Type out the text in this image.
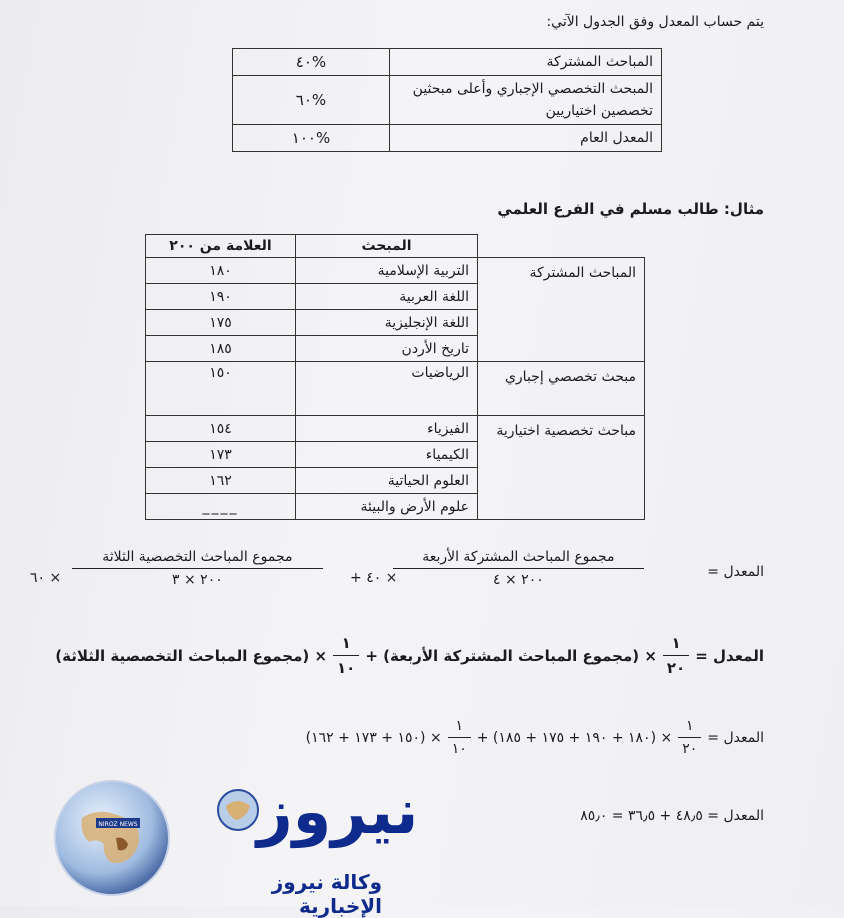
يتم حساب المعدل وفق الجدول الآتي:
المباحث المشتركة	%٤٠
المبحث التخصصي الإجباري وأعلى مبحثين تخصصين اختياريين	%٦٠
المعدل العام	%١٠٠
مثال: طالب مسلم في الفرع العلمي
	المبحث	العلامة من ٢٠٠
المباحث المشتركة	التربية الإسلامية	١٨٠
	اللغة العربية	١٩٠
	اللغة الإنجليزية	١٧٥
	تاريخ الأردن	١٨٥
مبحث تخصصي إجباري	الرياضيات	١٥٠
مباحث تخصصية اختيارية	الفيزياء	١٥٤
	الكيمياء	١٧٣
	العلوم الحياتية	١٦٢
	علوم الأرض والبيئة	____
المعدل =
$\frac{\text{مجموع المباحث المشتركة الأربعة}}{٢٠٠ \times ٤}$
× ٤٠ +
$\frac{\text{مجموع المباحث التخصصية الثلاثة}}{٢٠٠ \times ٣}$
× ٦٠
المعدل =
$\frac{١}{٢٠}$
× (مجموع المباحث المشتركة الأربعة) +
$\frac{١}{١٠}$
× (مجموع المباحث التخصصية الثلاثة)
المعدل =
$\frac{١}{٢٠}$
× (١٨٠ + ١٩٠ + ١٧٥ + ١٨٥) +
$\frac{١}{١٠}$
× (١٥٠ + ١٧٣ + ١٦٢)
المعدل = ٤٨٫٥ + ٣٦٫٥ = ٨٥٫٠
NIROZ NEWS نيروز
وكالة نيروز الإخبارية
